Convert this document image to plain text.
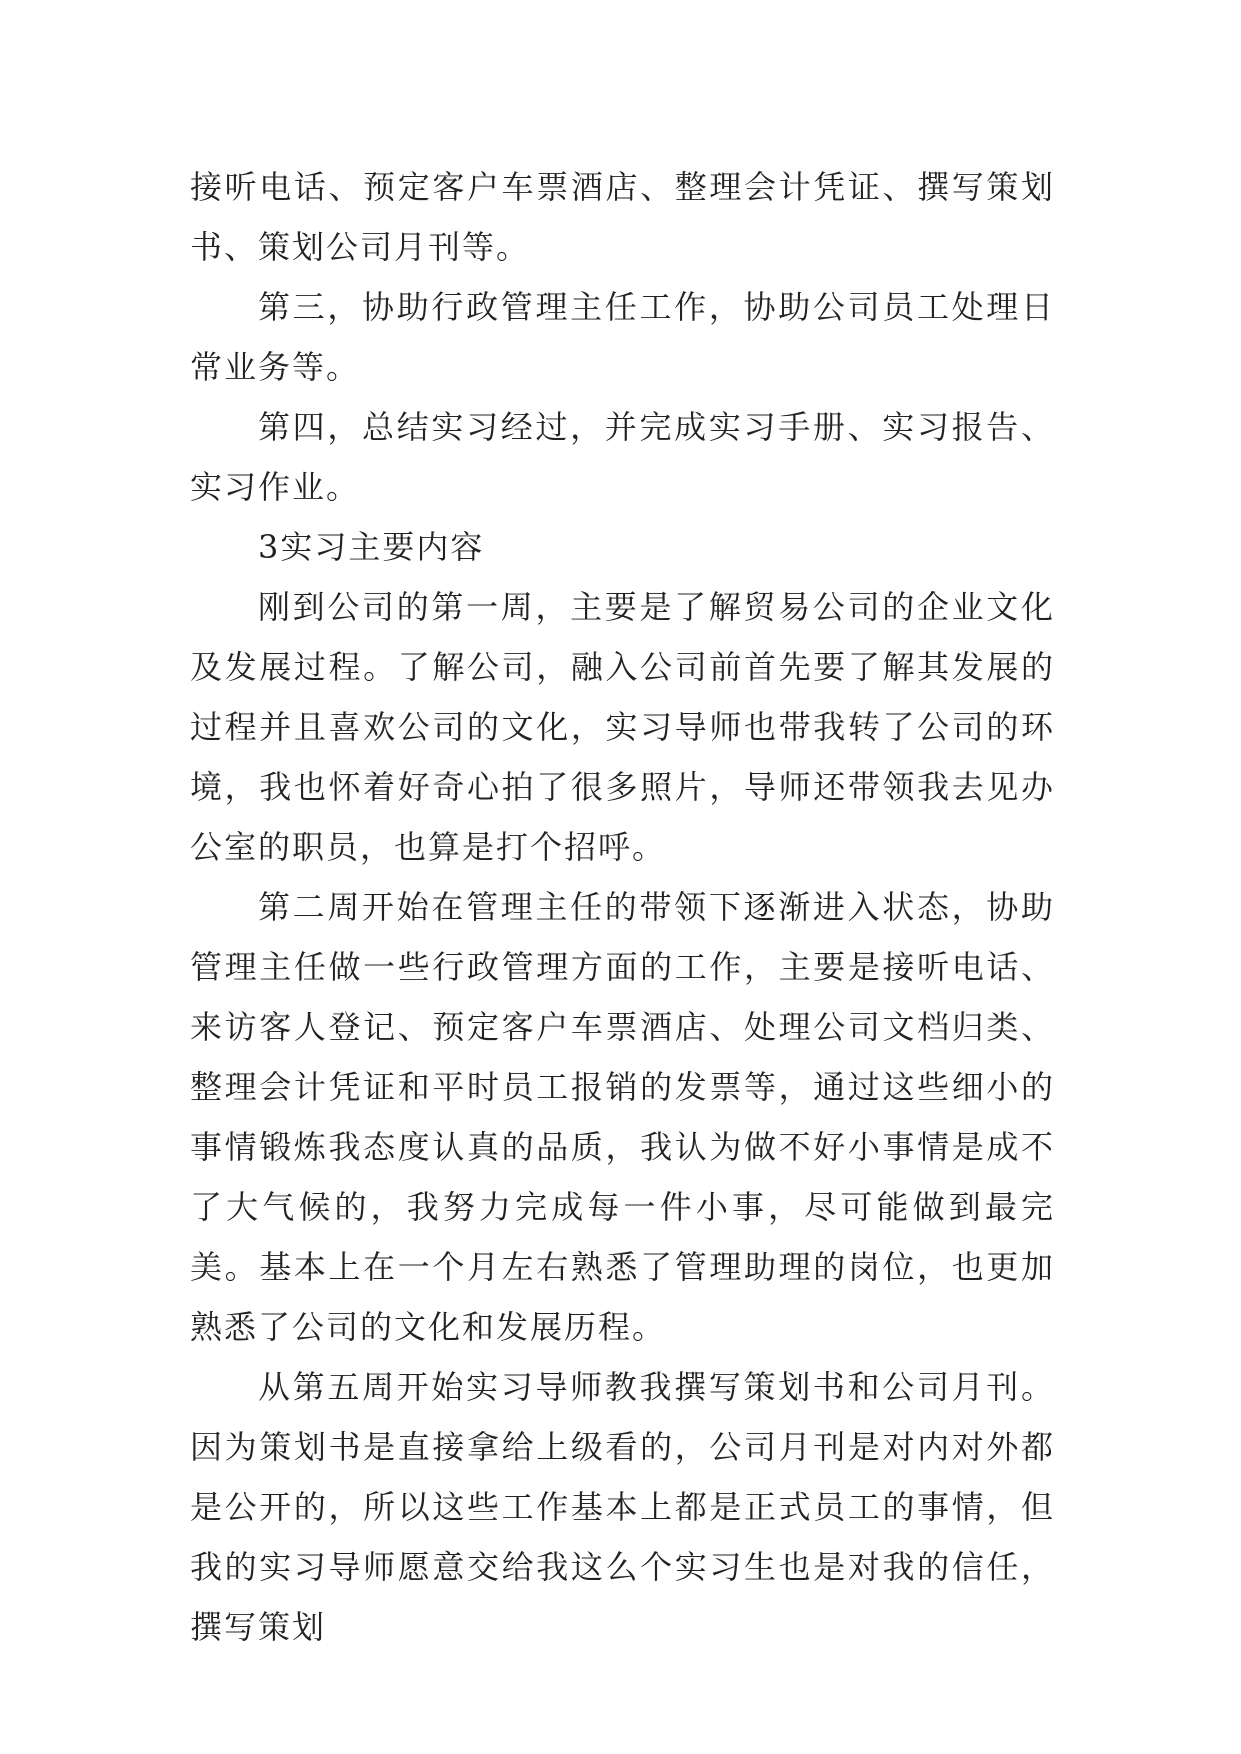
接听电话、预定客户车票酒店、整理会计凭证、撰写策划书、策划公司月刊等。

第三，协助行政管理主任工作，协助公司员工处理日常业务等。

第四，总结实习经过，并完成实习手册、实习报告、实习作业。

3实习主要内容

刚到公司的第一周，主要是了解贸易公司的企业文化及发展过程。了解公司，融入公司前首先要了解其发展的过程并且喜欢公司的文化，实习导师也带我转了公司的环境，我也怀着好奇心拍了很多照片，导师还带领我去见办公室的职员，也算是打个招呼。

第二周开始在管理主任的带领下逐渐进入状态，协助管理主任做一些行政管理方面的工作，主要是接听电话、来访客人登记、预定客户车票酒店、处理公司文档归类、整理会计凭证和平时员工报销的发票等，通过这些细小的事情锻炼我态度认真的品质，我认为做不好小事情是成不了大气候的，我努力完成每一件小事，尽可能做到最完美。基本上在一个月左右熟悉了管理助理的岗位，也更加熟悉了公司的文化和发展历程。

从第五周开始实习导师教我撰写策划书和公司月刊。因为策划书是直接拿给上级看的，公司月刊是对内对外都是公开的，所以这些工作基本上都是正式员工的事情，但我的实习导师愿意交给我这么个实习生也是对我的信任，撰写策划
